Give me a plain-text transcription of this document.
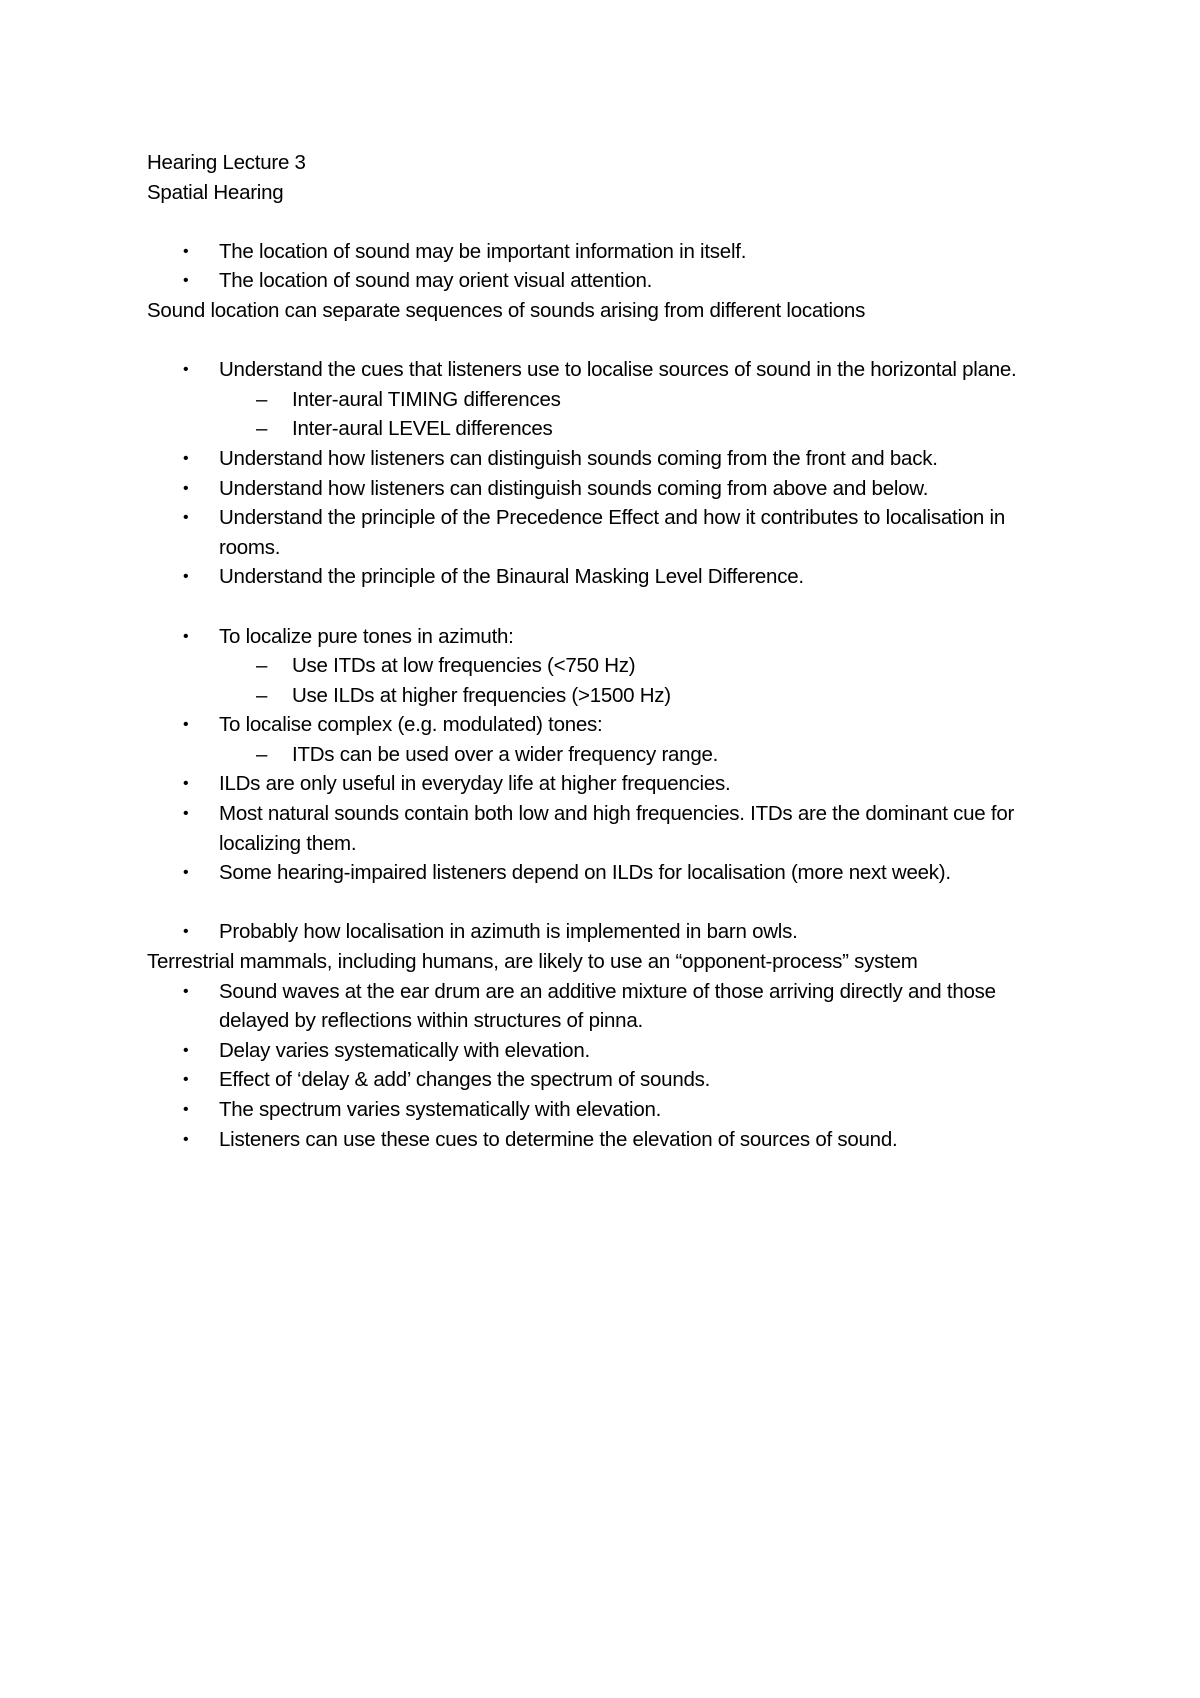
Hearing Lecture 3
Spatial Hearing
• The location of sound may be important information in itself.
• The location of sound may orient visual attention.
Sound location can separate sequences of sounds arising from different locations
• Understand the cues that listeners use to localise sources of sound in the horizontal plane.
– Inter-aural TIMING differences
– Inter-aural LEVEL differences
• Understand how listeners can distinguish sounds coming from the front and back.
• Understand how listeners can distinguish sounds coming from above and below.
• Understand the principle of the Precedence Effect and how it contributes to localisation in rooms.
• Understand the principle of the Binaural Masking Level Difference.
• To localize pure tones in azimuth:
– Use ITDs at low frequencies (<750 Hz)
– Use ILDs at higher frequencies (>1500 Hz)
• To localise complex (e.g. modulated) tones:
– ITDs can be used over a wider frequency range.
• ILDs are only useful in everyday life at higher frequencies.
• Most natural sounds contain both low and high frequencies. ITDs are the dominant cue for localizing them.
• Some hearing-impaired listeners depend on ILDs for localisation (more next week).
• Probably how localisation in azimuth is implemented in barn owls.
Terrestrial mammals, including humans, are likely to use an “opponent-process” system
• Sound waves at the ear drum are an additive mixture of those arriving directly and those delayed by reflections within structures of pinna.
• Delay varies systematically with elevation.
• Effect of ‘delay & add’ changes the spectrum of sounds.
• The spectrum varies systematically with elevation.
• Listeners can use these cues to determine the elevation of sources of sound.
